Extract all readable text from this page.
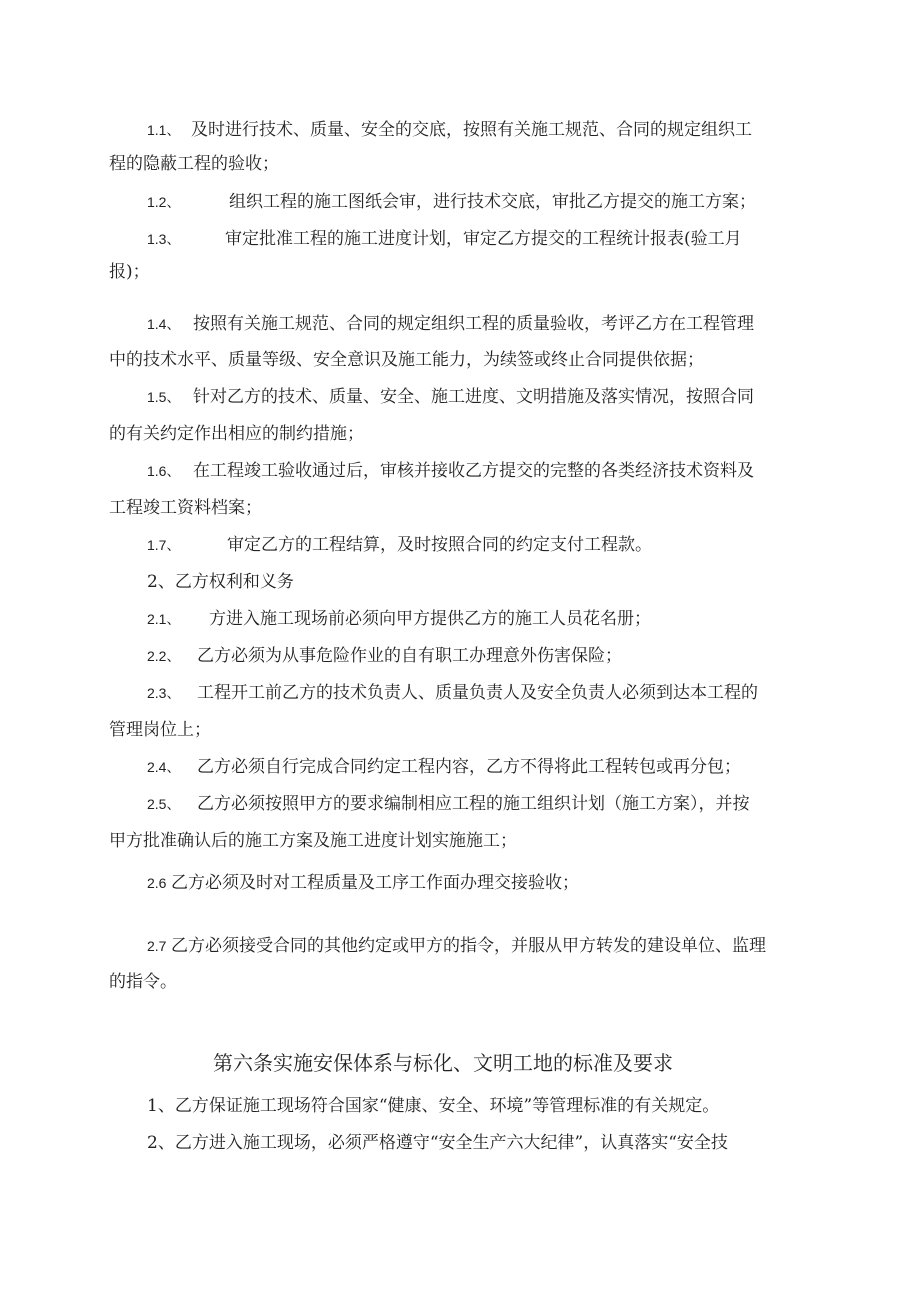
1.1、 及时进行技术、质量、安全的交底，按照有关施工规范、合同的规定组织工
程的隐蔽工程的验收；
1.2、	组织工程的施工图纸会审，进行技术交底，审批乙方提交的施工方案；
1.3、	审定批准工程的施工进度计划，审定乙方提交的工程统计报表(验工月
报)；
1.4、 按照有关施工规范、合同的规定组织工程的质量验收，考评乙方在工程管理
中的技术水平、质量等级、安全意识及施工能力，为续签或终止合同提供依据；
1.5、 针对乙方的技术、质量、安全、施工进度、文明措施及落实情况，按照合同
的有关约定作出相应的制约措施；
1.6、 在工程竣工验收通过后，审核并接收乙方提交的完整的各类经济技术资料及
工程竣工资料档案；
1.7、	审定乙方的工程结算，及时按照合同的约定支付工程款。
2、乙方权利和义务
2.1、 方进入施工现场前必须向甲方提供乙方的施工人员花名册；
2.2、 乙方必须为从事危险作业的自有职工办理意外伤害保险；
2.3、 工程开工前乙方的技术负责人、质量负责人及安全负责人必须到达本工程的
管理岗位上；
2.4、 乙方必须自行完成合同约定工程内容，乙方不得将此工程转包或再分包；
2.5、 乙方必须按照甲方的要求编制相应工程的施工组织计划（施工方案），并按
甲方批准确认后的施工方案及施工进度计划实施施工；
2.6 乙方必须及时对工程质量及工序工作面办理交接验收；
2.7 乙方必须接受合同的其他约定或甲方的指令，并服从甲方转发的建设单位、监理
的指令。
第六条实施安保体系与标化、文明工地的标准及要求
1、乙方保证施工现场符合国家“健康、安全、环境”等管理标准的有关规定。
2、乙方进入施工现场，必须严格遵守“安全生产六大纪律”，认真落实“安全技
